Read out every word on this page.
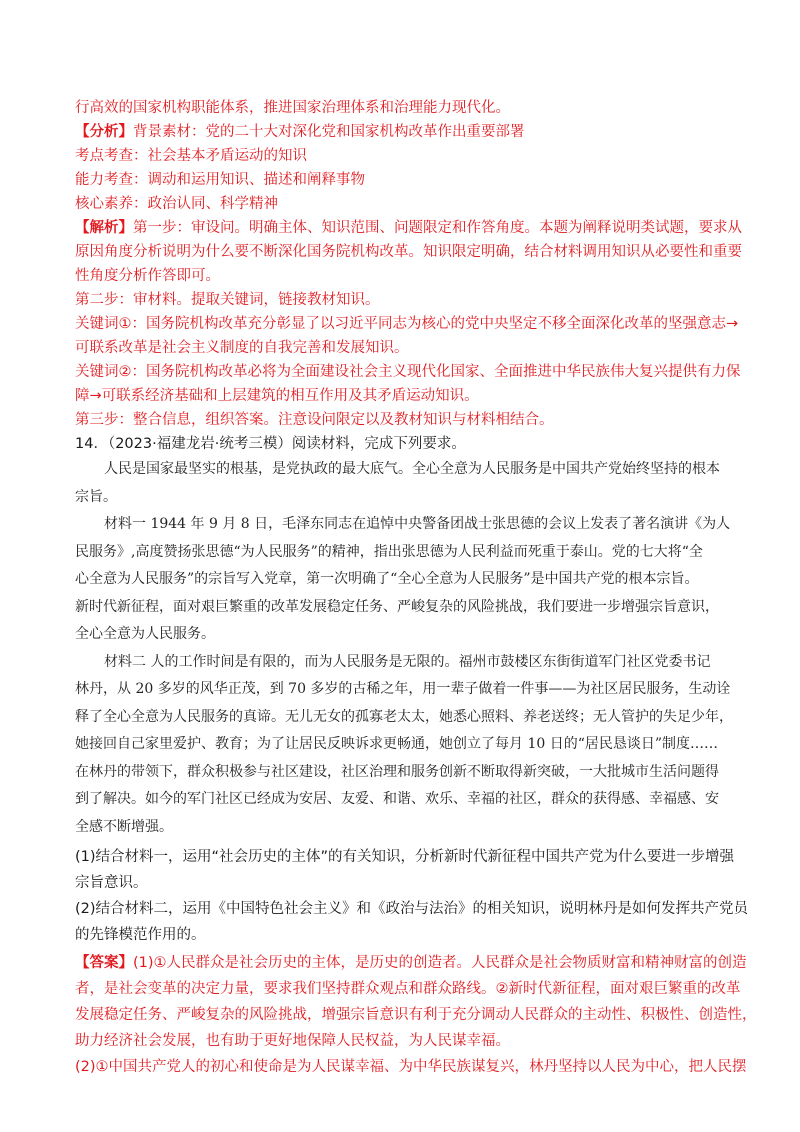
行高效的国家机构职能体系，推进国家治理体系和治理能力现代化。
【分析】背景素材：党的二十大对深化党和国家机构改革作出重要部署
考点考查：社会基本矛盾运动的知识
能力考查：调动和运用知识、描述和阐释事物
核心素养：政治认同、科学精神
【解析】第一步：审设问。明确主体、知识范围、问题限定和作答角度。本题为阐释说明类试题，要求从
原因角度分析说明为什么要不断深化国务院机构改革。知识限定明确，结合材料调用知识从必要性和重要
性角度分析作答即可。
第二步：审材料。提取关键词，链接教材知识。
关键词①：国务院机构改革充分彰显了以习近平同志为核心的党中央坚定不移全面深化改革的坚强意志→
可联系改革是社会主义制度的自我完善和发展知识。
关键词②：国务院机构改革必将为全面建设社会主义现代化国家、全面推进中华民族伟大复兴提供有力保
障→可联系经济基础和上层建筑的相互作用及其矛盾运动知识。
第三步：整合信息，组织答案。注意设问限定以及教材知识与材料相结合。
14．（2023·福建龙岩·统考三模）阅读材料，完成下列要求。
人民是国家最坚实的根基，是党执政的最大底气。全心全意为人民服务是中国共产党始终坚持的根本
宗旨。
材料一 1944 年 9 月 8 日，毛泽东同志在追悼中央警备团战士张思德的会议上发表了著名演讲《为人
民服务》,高度赞扬张思德“为人民服务”的精神，指出张思德为人民利益而死重于泰山。党的七大将“全
心全意为人民服务”的宗旨写入党章，第一次明确了“全心全意为人民服务”是中国共产党的根本宗旨。
新时代新征程，面对艰巨繁重的改革发展稳定任务、严峻复杂的风险挑战，我们要进一步增强宗旨意识，
全心全意为人民服务。
材料二 人的工作时间是有限的，而为人民服务是无限的。福州市鼓楼区东街街道军门社区党委书记
林丹，从 20 多岁的风华正茂，到 70 多岁的古稀之年，用一辈子做着一件事——为社区居民服务，生动诠
释了全心全意为人民服务的真谛。无儿无女的孤寡老太太，她悉心照料、养老送终；无人管护的失足少年，
她接回自己家里爱护、教育；为了让居民反映诉求更畅通，她创立了每月 10 日的“居民恳谈日”制度……
在林丹的带领下，群众积极参与社区建设，社区治理和服务创新不断取得新突破，一大批城市生活问题得
到了解决。如今的军门社区已经成为安居、友爱、和谐、欢乐、幸福的社区，群众的获得感、幸福感、安
全感不断增强。
(1)结合材料一，运用“社会历史的主体”的有关知识，分析新时代新征程中国共产党为什么要进一步增强
宗旨意识。
(2)结合材料二，运用《中国特色社会主义》和《政治与法治》的相关知识，说明林丹是如何发挥共产党员
的先锋模范作用的。
【答案】(1)①人民群众是社会历史的主体，是历史的创造者。人民群众是社会物质财富和精神财富的创造
者，是社会变革的决定力量，要求我们坚持群众观点和群众路线。②新时代新征程，面对艰巨繁重的改革
发展稳定任务、严峻复杂的风险挑战，增强宗旨意识有利于充分调动人民群众的主动性、积极性、创造性，
助力经济社会发展，也有助于更好地保障人民权益，为人民谋幸福。
(2)①中国共产党人的初心和使命是为人民谋幸福、为中华民族谋复兴，林丹坚持以人民为中心，把人民摆
